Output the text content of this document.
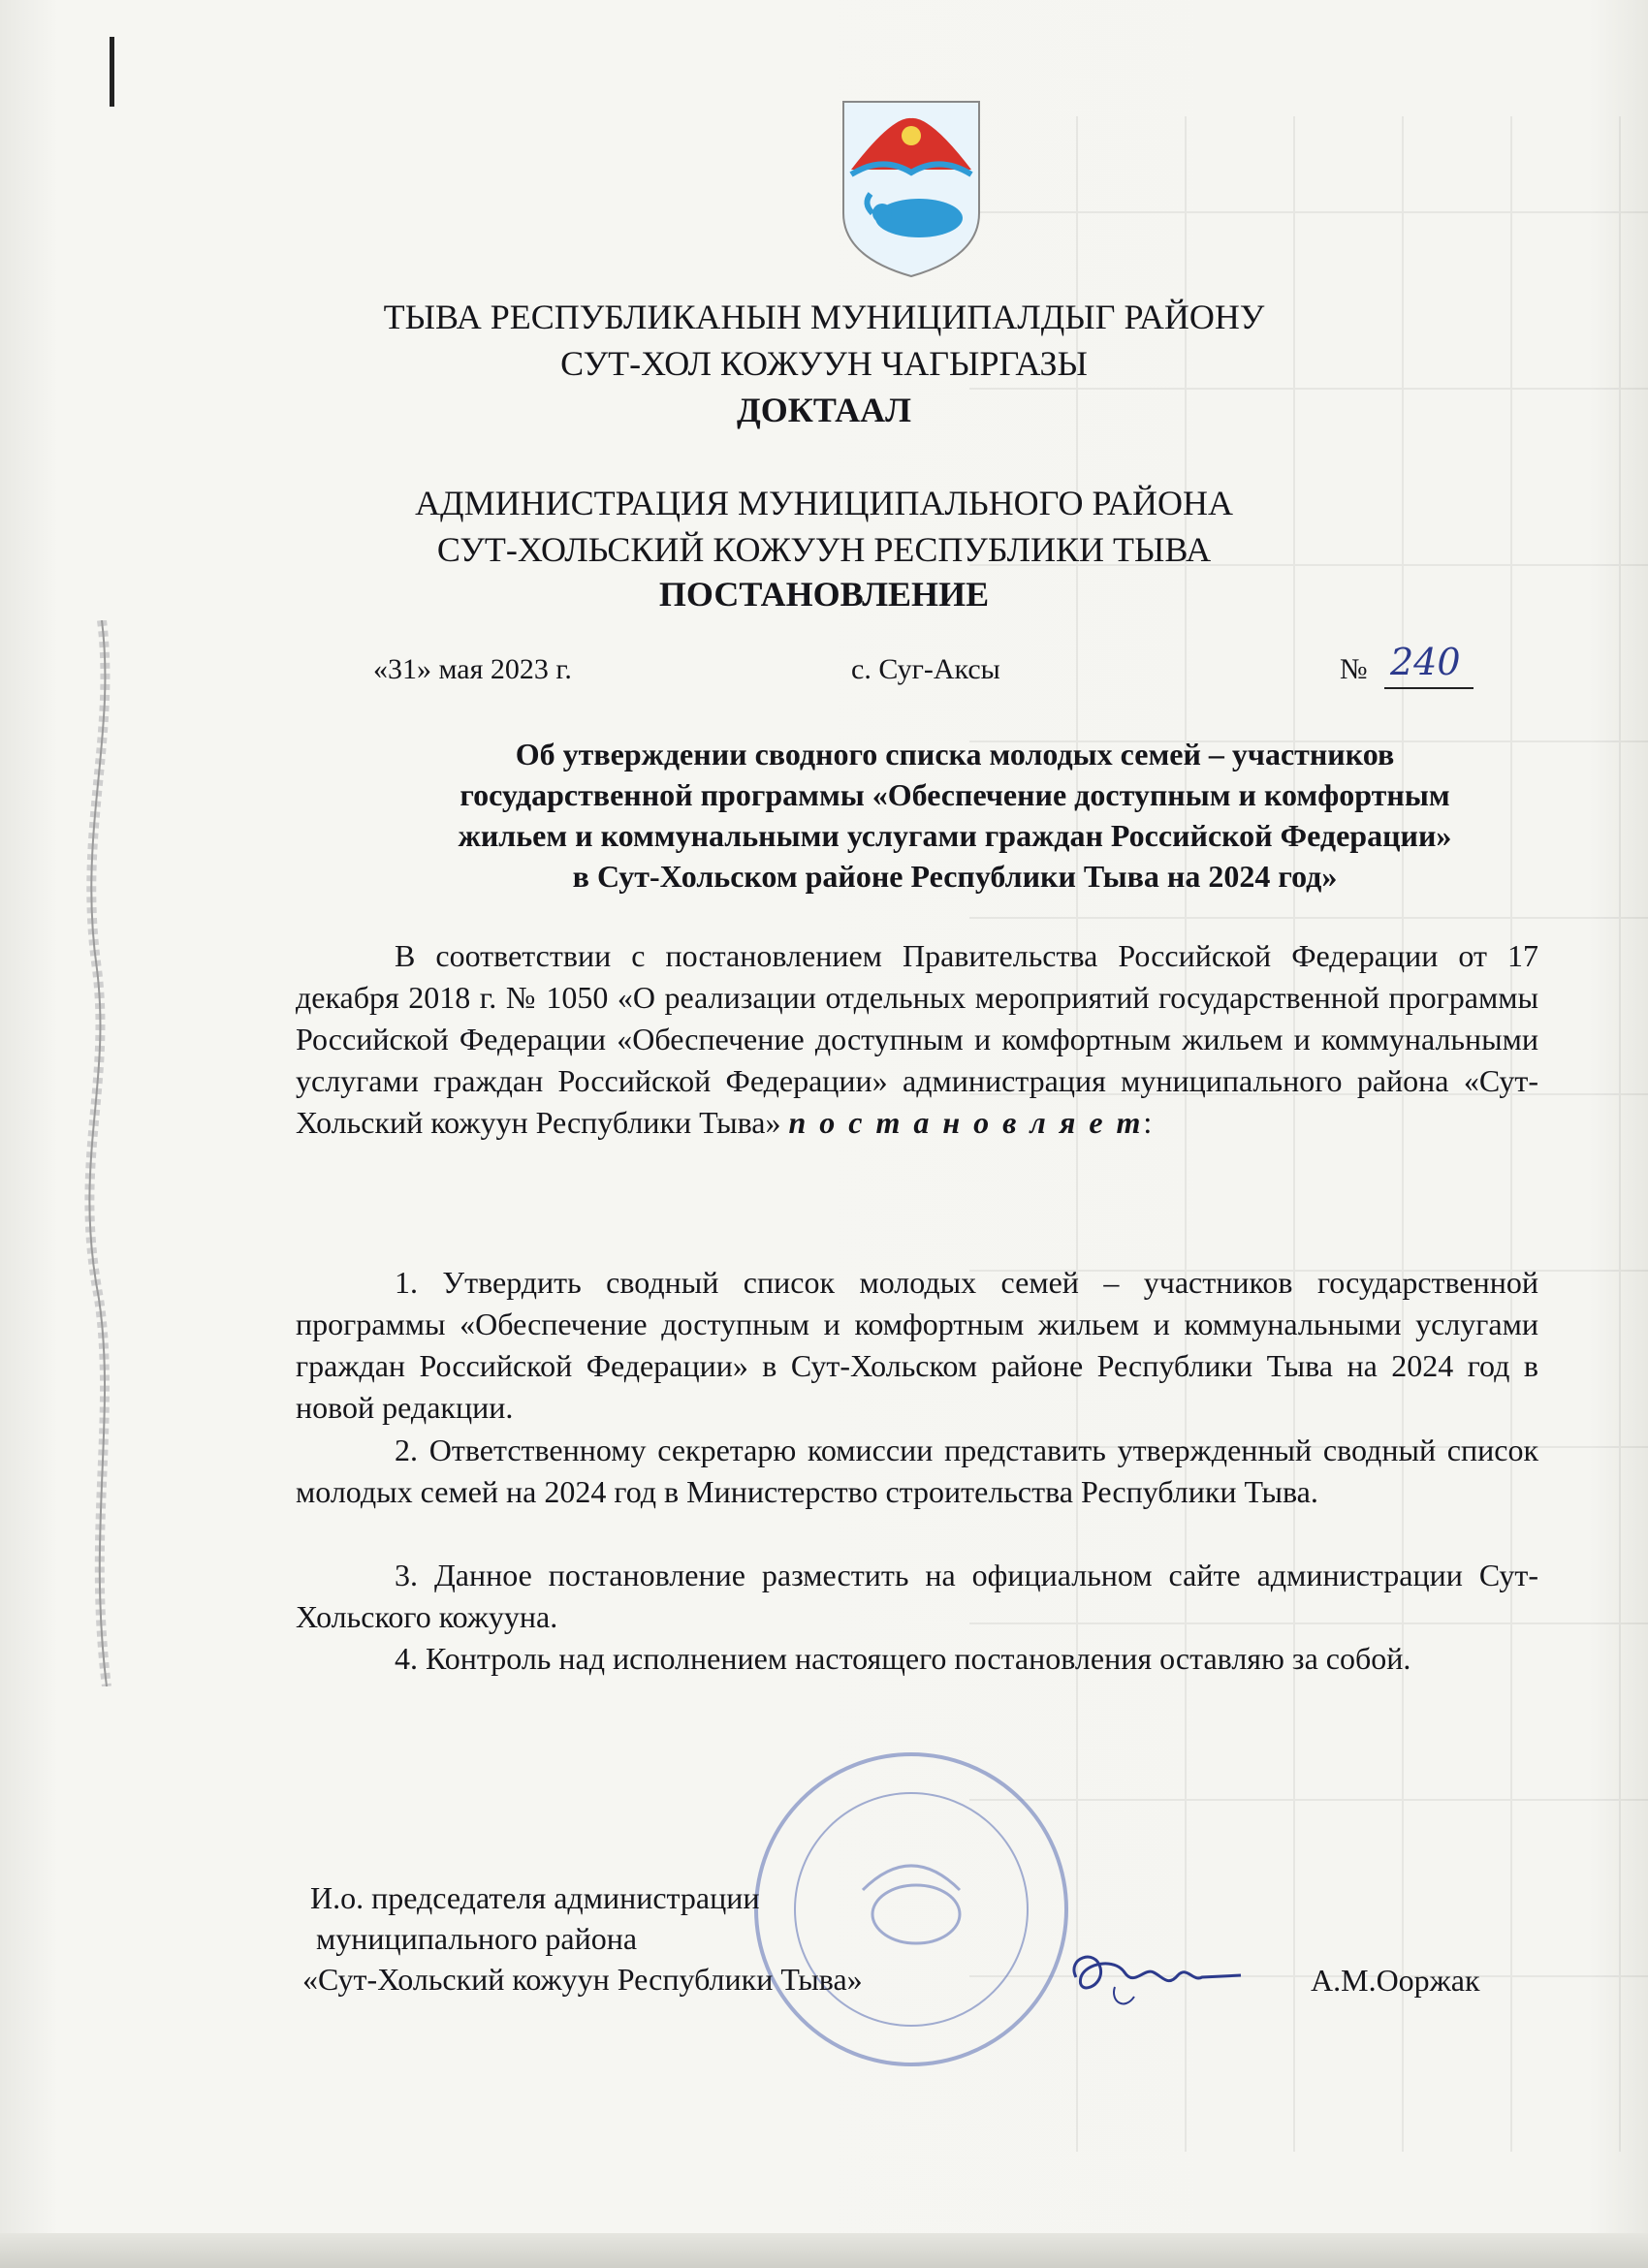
ТЫВА РЕСПУБЛИКАНЫН МУНИЦИПАЛДЫГ РАЙОНУ
СУТ-ХОЛ КОЖУУН ЧАГЫРГАЗЫ
ДОКТААЛ
АДМИНИСТРАЦИЯ МУНИЦИПАЛЬНОГО РАЙОНА
СУТ-ХОЛЬСКИЙ КОЖУУН РЕСПУБЛИКИ ТЫВА
ПОСТАНОВЛЕНИЕ
«31» мая 2023 г.	с. Суг-Аксы	№ 240
Об утверждении сводного списка молодых семей – участников
государственной программы «Обеспечение доступным и комфортным
жильем и коммунальными услугами граждан Российской Федерации»
в Сут-Хольском районе Республики Тыва на 2024 год»

В соответствии с постановлением Правительства Российской Федерации от 17 декабря 2018 г. № 1050 «О реализации отдельных мероприятий государственной программы Российской Федерации «Обеспечение доступным и комфортным жильем и коммунальными услугами граждан Российской Федерации» администрация муниципального района «Сут-Хольский кожуун Республики Тыва» п о с т а н о в л я е т:

1. Утвердить сводный список молодых семей – участников государственной программы «Обеспечение доступным и комфортным жильем и коммунальными услугами граждан Российской Федерации» в Сут-Хольском районе Республики Тыва на 2024 год в новой редакции.

2. Ответственному секретарю комиссии представить утвержденный сводный список молодых семей на 2024 год в Министерство строительства Республики Тыва.

3. Данное постановление разместить на официальном сайте администрации Сут-Хольского кожууна.

4. Контроль над исполнением настоящего постановления оставляю за собой.

И.о. председателя администрации
муниципального района
«Сут-Хольский кожуун Республики Тыва»	А.М.Ооржак
